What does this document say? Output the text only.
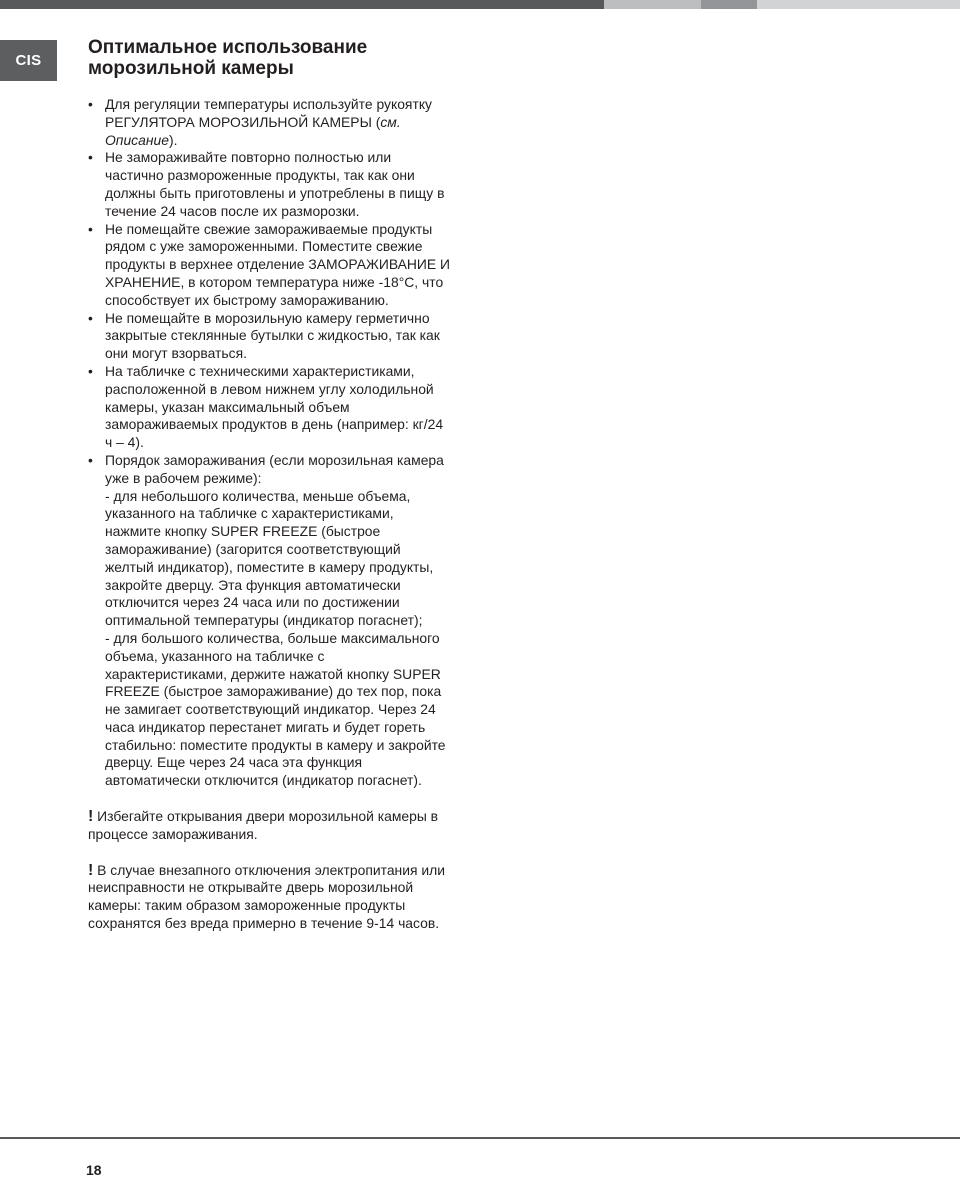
CIS
Оптимальное использование
морозильной камеры
• Для регуляции температуры используйте рукоятку
РЕГУЛЯТОРА МОРОЗИЛЬНОЙ КАМЕРЫ (см.
Описание).
• Не замораживайте повторно полностью или
частично размороженные продукты, так как они
должны быть приготовлены и употреблены в пищу в
течение 24 часов после их разморозки.
• Не помещайте свежие замораживаемые продукты
рядом с уже замороженными. Поместите свежие
продукты в верхнее отделение ЗАМОРАЖИВАНИЕ И
ХРАНЕНИЕ, в котором температура ниже -18°С, что
способствует их быстрому замораживанию.
• Не помещайте в морозильную камеру герметично
закрытые стеклянные бутылки с жидкостью, так как
они могут взорваться.
• На табличке с техническими характеристиками,
расположенной в левом нижнем углу холодильной
камеры, указан максимальный объем
замораживаемых продуктов в день (например: кг/24
ч – 4).
• Порядок замораживания (если морозильная камера
уже в рабочем режиме):
- для небольшого количества, меньше объема,
указанного на табличке с характеристиками,
нажмите кнопку SUPER FREEZE (быстрое
замораживание) (загорится соответствующий
желтый индикатор), поместите в камеру продукты,
закройте дверцу. Эта функция автоматически
отключится через 24 часа или по достижении
оптимальной температуры (индикатор погаснет);
- для большого количества, больше максимального
объема, указанного на табличке с
характеристиками, держите нажатой кнопку SUPER
FREEZE (быстрое замораживание) до тех пор, пока
не замигает соответствующий индикатор. Через 24
часа индикатор перестанет мигать и будет гореть
стабильно: поместите продукты в камеру и закройте
дверцу. Еще через 24 часа эта функция
автоматически отключится (индикатор погаснет).
! Избегайте открывания двери морозильной камеры в
процессе замораживания.
! В случае внезапного отключения электропитания или
неисправности не открывайте дверь морозильной
камеры: таким образом замороженные продукты
сохранятся без вреда примерно в течение 9-14 часов.
18
